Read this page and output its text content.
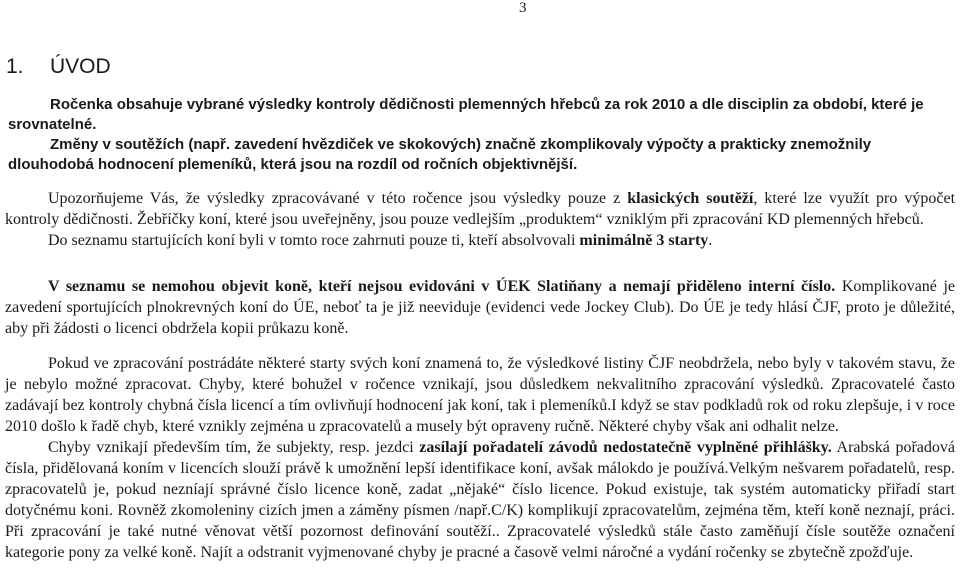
3
1. ÚVOD

Ročenka obsahuje vybrané výsledky kontroly dědičnosti plemenných hřebců za rok 2010 a dle disciplin za období, které je srovnatelné.

Změny v soutěžích (např. zavedení hvězdiček ve skokových) značně zkomplikovaly výpočty a prakticky znemožnily dlouhodobá hodnocení plemeníků, která jsou na rozdíl od ročních objektivnější.

Upozorňujeme Vás, že výsledky zpracovávané v této ročence jsou výsledky pouze z klasických soutěží, které lze využít pro výpočet kontroly dědičnosti. Žebříčky koní, které jsou uveřejněny, jsou pouze vedlejším „produktem“ vzniklým při zpracování KD plemenných hřebců.

Do seznamu startujících koní byli v tomto roce zahrnuti pouze ti, kteří absolvovali minimálně 3 starty.

V seznamu se nemohou objevit koně, kteří nejsou evidováni v ÚEK Slatiňany a nemají přiděleno interní číslo. Komplikované je zavedení sportujících plnokrevných koní do ÚE, neboť ta je již neeviduje (evidenci vede Jockey Club). Do ÚE je tedy hlásí ČJF, proto je důležité, aby při žádosti o licenci obdržela kopii průkazu koně.

Pokud ve zpracování postrádáte některé starty svých koní znamená to, že výsledkové listiny ČJF neobdržela, nebo byly v takovém stavu, že je nebylo možné zpracovat. Chyby, které bohužel v ročence vznikají, jsou důsledkem nekvalitního zpracování výsledků. Zpracovatelé často zadávají bez kontroly chybná čísla licencí a tím ovlivňují hodnocení jak koní, tak i plemeníků.I když se stav podkladů rok od roku zlepšuje, i v roce 2010 došlo k řadě chyb, které vznikly zejména u zpracovatelů a musely být opraveny ručně. Některé chyby však ani odhalit nelze.

Chyby vznikají především tím, že subjekty, resp. jezdci zasílají pořadatelí závodů nedostatečně vyplněné přihlášky. Arabská pořadová čísla, přidělovaná koním v licencích slouží právě k umožnění lepší identifikace koní, avšak málokdo je používá.Velkým nešvarem pořadatelů, resp. zpracovatelů je, pokud nezníají správné číslo licence koně, zadat „nějaké“ číslo licence. Pokud existuje, tak systém automaticky přiřadí start dotyčnému koni. Rovněž zkomoleniny cizích jmen a záměny písmen /např.C/K) komplikují zpracovatelům, zejména těm, kteří koně neznají, práci. Při zpracování je také nutné věnovat větší pozornost definování soutěží.. Zpracovatelé výsledků stále často zaměňují čísle soutěže označení kategorie pony za velké koně. Najít a odstranit vyjmenované chyby je pracné a časově velmi náročné a vydání ročenky se zbytečně zpožďuje.
